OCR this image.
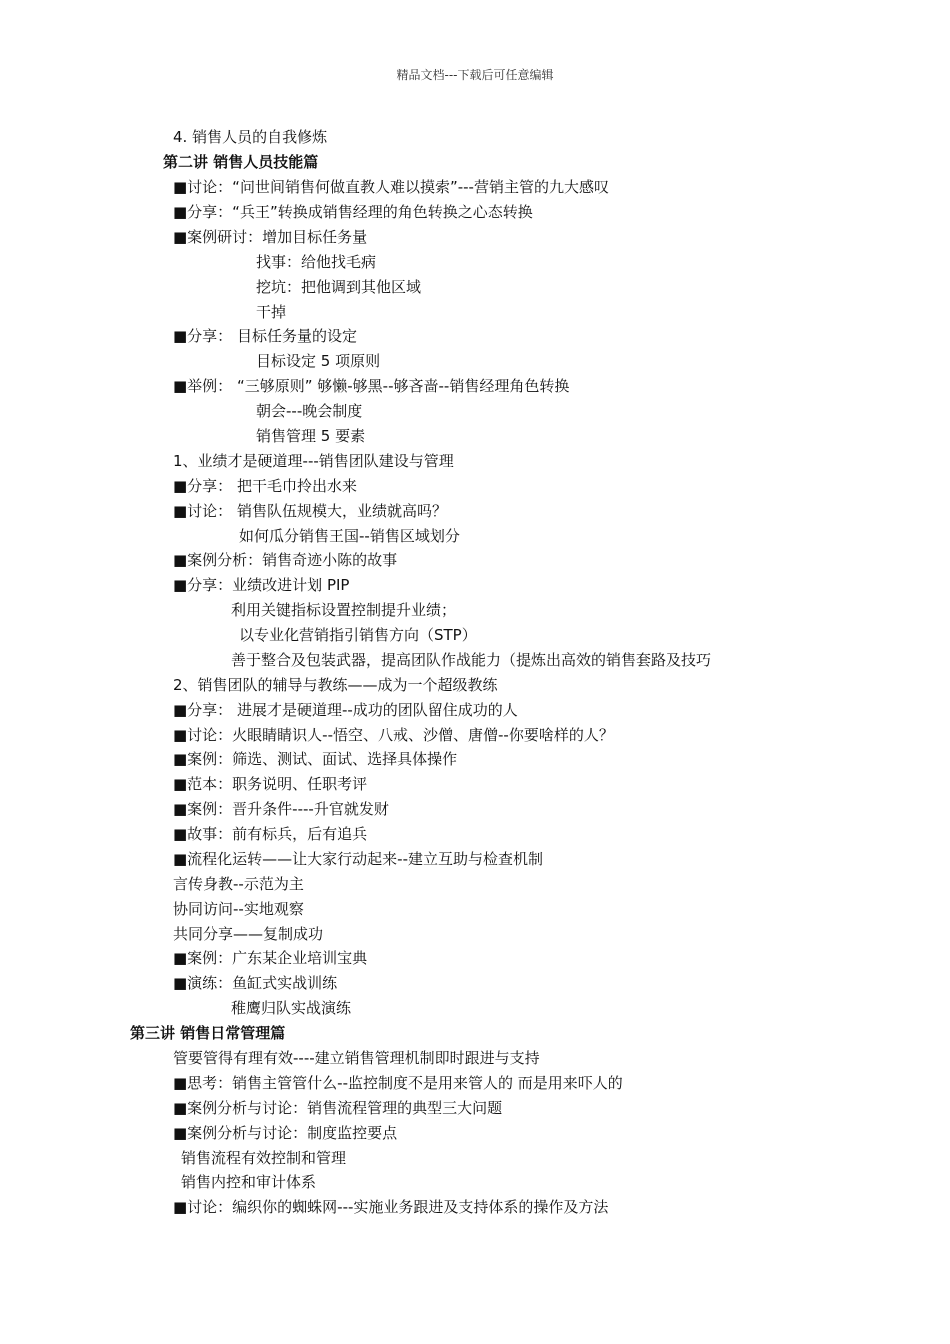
精品文档---下载后可任意编辑
4. 销售人员的自我修炼
第二讲 销售人员技能篇
■讨论：“问世间销售何做直教人难以摸索”---营销主管的九大感叹
■分享：“兵王”转换成销售经理的角色转换之心态转换
■案例研讨：增加目标任务量
找事：给他找毛病
挖坑：把他调到其他区域
干掉
■分享： 目标任务量的设定
目标设定 5 项原则
■举例： “三够原则” 够懒-够黑--够吝啬--销售经理角色转换
朝会---晚会制度
销售管理 5 要素
1、业绩才是硬道理---销售团队建设与管理
■分享： 把干毛巾拎出水来
■讨论： 销售队伍规模大，业绩就高吗？
如何瓜分销售王国--销售区域划分
■案例分析：销售奇迹小陈的故事
■分享：业绩改进计划 PIP
利用关键指标设置控制提升业绩；
以专业化营销指引销售方向（STP）
善于整合及包装武器，提高团队作战能力（提炼出高效的销售套路及技巧
2、销售团队的辅导与教练——成为一个超级教练
■分享： 进展才是硬道理--成功的团队留住成功的人
■讨论：火眼睛睛识人--悟空、八戒、沙僧、唐僧--你要啥样的人？
■案例：筛选、测试、面试、选择具体操作
■范本：职务说明、任职考评
■案例：晋升条件----升官就发财
■故事：前有标兵，后有追兵
■流程化运转——让大家行动起来--建立互助与检查机制
言传身教--示范为主
协同访问--实地观察
共同分享——复制成功
■案例：广东某企业培训宝典
■演练：鱼缸式实战训练
稚鹰归队实战演练
第三讲 销售日常管理篇
管要管得有理有效----建立销售管理机制即时跟进与支持
■思考：销售主管管什么--监控制度不是用来管人的 而是用来吓人的
■案例分析与讨论：销售流程管理的典型三大问题
■案例分析与讨论：制度监控要点
销售流程有效控制和管理
销售内控和审计体系
■讨论：编织你的蜘蛛网---实施业务跟进及支持体系的操作及方法
